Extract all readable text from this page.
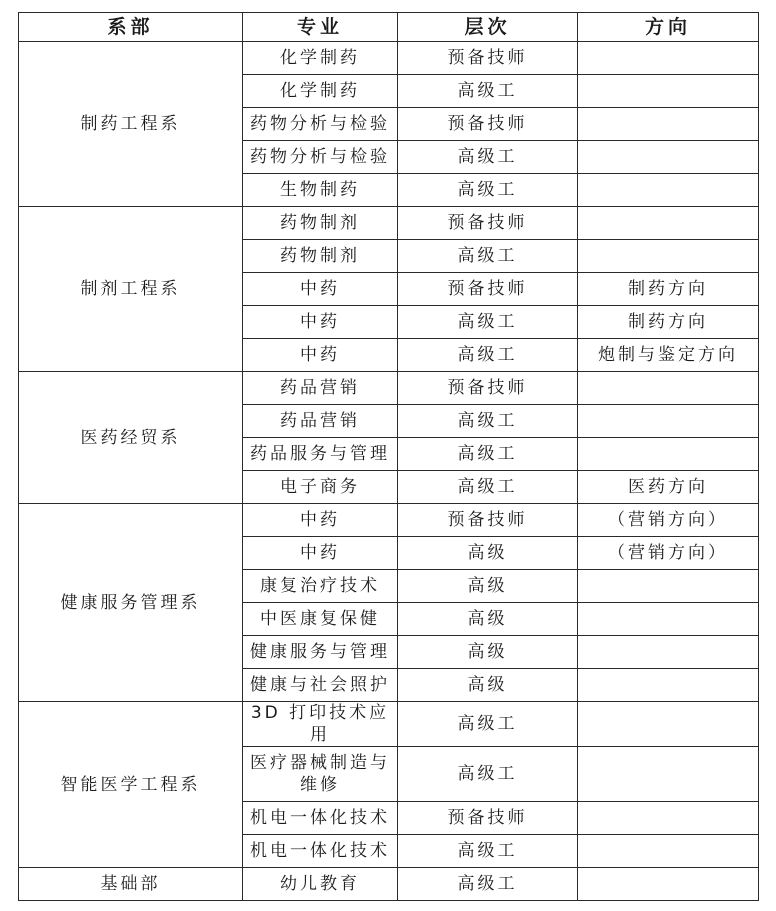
系部	专业	层次	方向
制药工程系	化学制药	预备技师	
	化学制药	高级工	
	药物分析与检验	预备技师	
	药物分析与检验	高级工	
	生物制药	高级工	
制剂工程系	药物制剂	预备技师	
	药物制剂	高级工	
	中药	预备技师	制药方向
	中药	高级工	制药方向
	中药	高级工	炮制与鉴定方向
医药经贸系	药品营销	预备技师	
	药品营销	高级工	
	药品服务与管理	高级工	
	电子商务	高级工	医药方向
健康服务管理系	中药	预备技师	（营销方向）
	中药	高级	（营销方向）
	康复治疗技术	高级	
	中医康复保健	高级	
	健康服务与管理	高级	
	健康与社会照护	高级	
智能医学工程系	3D 打印技术应用	高级工	
	医疗器械制造与维修	高级工	
	机电一体化技术	预备技师	
	机电一体化技术	高级工	
基础部	幼儿教育	高级工	
